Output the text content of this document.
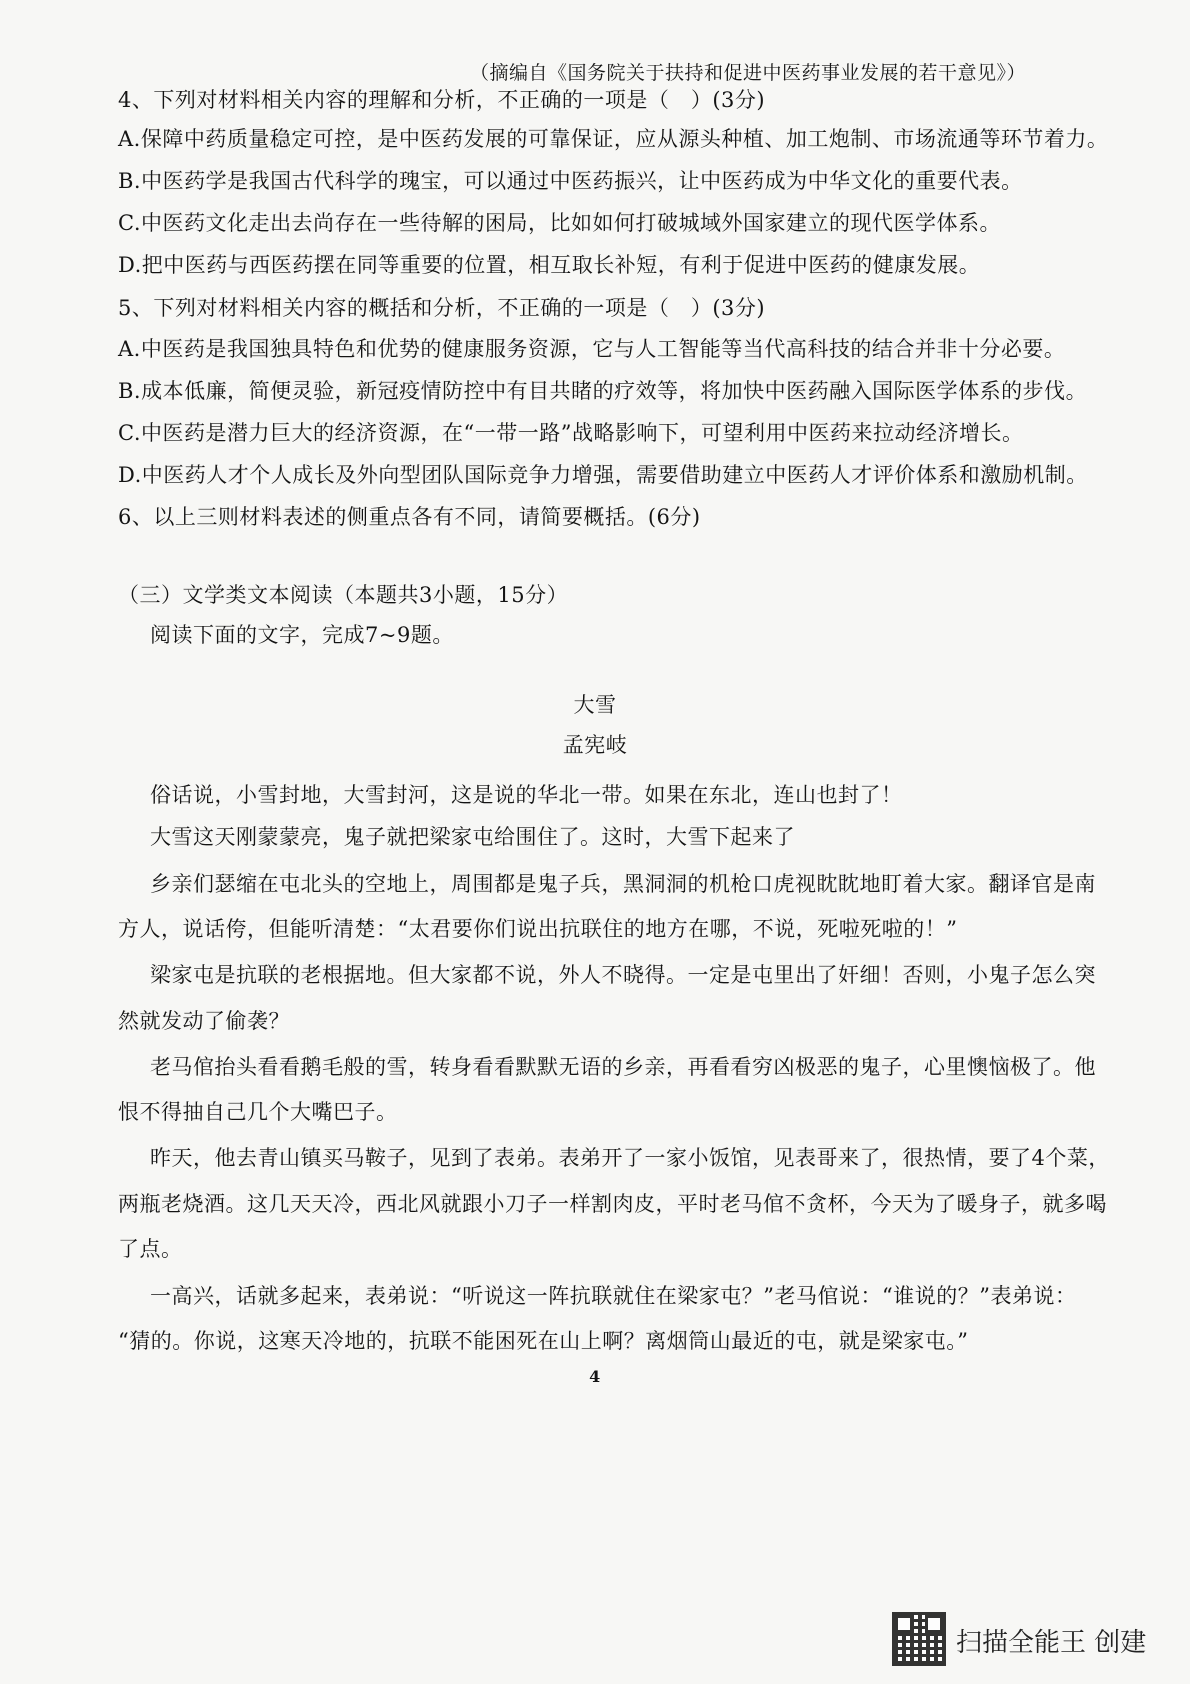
（摘编自《国务院关于扶持和促进中医药事业发展的若干意见》）
4、下列对材料相关内容的理解和分析，不正确的一项是（　）(3分)
A.保障中药质量稳定可控，是中医药发展的可靠保证，应从源头种植、加工炮制、市场流通等环节着力。
B.中医药学是我国古代科学的瑰宝，可以通过中医药振兴，让中医药成为中华文化的重要代表。
C.中医药文化走出去尚存在一些待解的困局，比如如何打破城域外国家建立的现代医学体系。
D.把中医药与西医药摆在同等重要的位置，相互取长补短，有利于促进中医药的健康发展。
5、下列对材料相关内容的概括和分析，不正确的一项是（　）(3分)
A.中医药是我国独具特色和优势的健康服务资源，它与人工智能等当代高科技的结合并非十分必要。
B.成本低廉，简便灵验，新冠疫情防控中有目共睹的疗效等，将加快中医药融入国际医学体系的步伐。
C.中医药是潜力巨大的经济资源，在“一带一路”战略影响下，可望利用中医药来拉动经济增长。
D.中医药人才个人成长及外向型团队国际竞争力增强，需要借助建立中医药人才评价体系和激励机制。
6、以上三则材料表述的侧重点各有不同，请简要概括。(6分)
（三）文学类文本阅读（本题共3小题，15分）
阅读下面的文字，完成7~9题。
大雪
孟宪岐
俗话说，小雪封地，大雪封河，这是说的华北一带。如果在东北，连山也封了！
大雪这天刚蒙蒙亮，鬼子就把梁家屯给围住了。这时，大雪下起来了
乡亲们瑟缩在屯北头的空地上，周围都是鬼子兵，黑洞洞的机枪口虎视眈眈地盯着大家。翻译官是南
方人，说话侉，但能听清楚：“太君要你们说出抗联住的地方在哪，不说，死啦死啦的！”
梁家屯是抗联的老根据地。但大家都不说，外人不晓得。一定是屯里出了奸细！否则，小鬼子怎么突
然就发动了偷袭？
老马倌抬头看看鹅毛般的雪，转身看看默默无语的乡亲，再看看穷凶极恶的鬼子，心里懊恼极了。他
恨不得抽自己几个大嘴巴子。
昨天，他去青山镇买马鞍子，见到了表弟。表弟开了一家小饭馆，见表哥来了，很热情，要了4个菜，
两瓶老烧酒。这几天天冷，西北风就跟小刀子一样割肉皮，平时老马倌不贪杯，今天为了暖身子，就多喝
了点。
一高兴，话就多起来，表弟说：“听说这一阵抗联就住在梁家屯？”老马倌说：“谁说的？”表弟说：
“猜的。你说，这寒天冷地的，抗联不能困死在山上啊？离烟筒山最近的屯，就是梁家屯。”
4
扫描全能王 创建
